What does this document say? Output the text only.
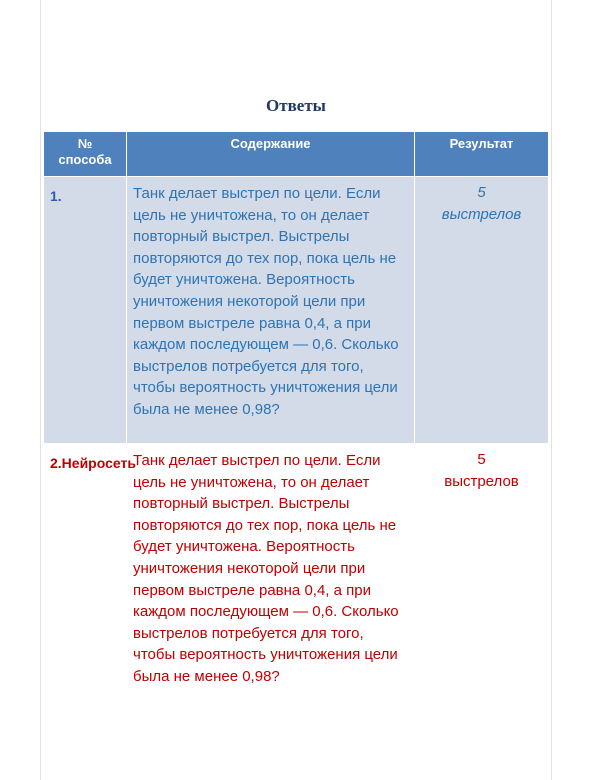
Ответы
№
способа	Содержание	Результат
1.	Танк делает выстрел по цели. Если цель не уничтожена, то он делает повторный выстрел. Выстрелы повторяются до тех пор, пока цель не будет уничтожена. Вероятность уничтожения некоторой цели при первом выстреле равна 0,4, а при каждом последующем — 0,6. Сколько выстрелов потребуется для того, чтобы вероятность уничтожения цели была не менее 0,98?	5
выстрелов

2.Нейросеть	Танк делает выстрел по цели. Если цель не уничтожена, то он делает повторный выстрел. Выстрелы повторяются до тех пор, пока цель не будет уничтожена. Вероятность уничтожения некоторой цели при первом выстреле равна 0,4, а при каждом последующем — 0,6. Сколько выстрелов потребуется для того, чтобы вероятность уничтожения цели была не менее 0,98?	5
выстрелов
